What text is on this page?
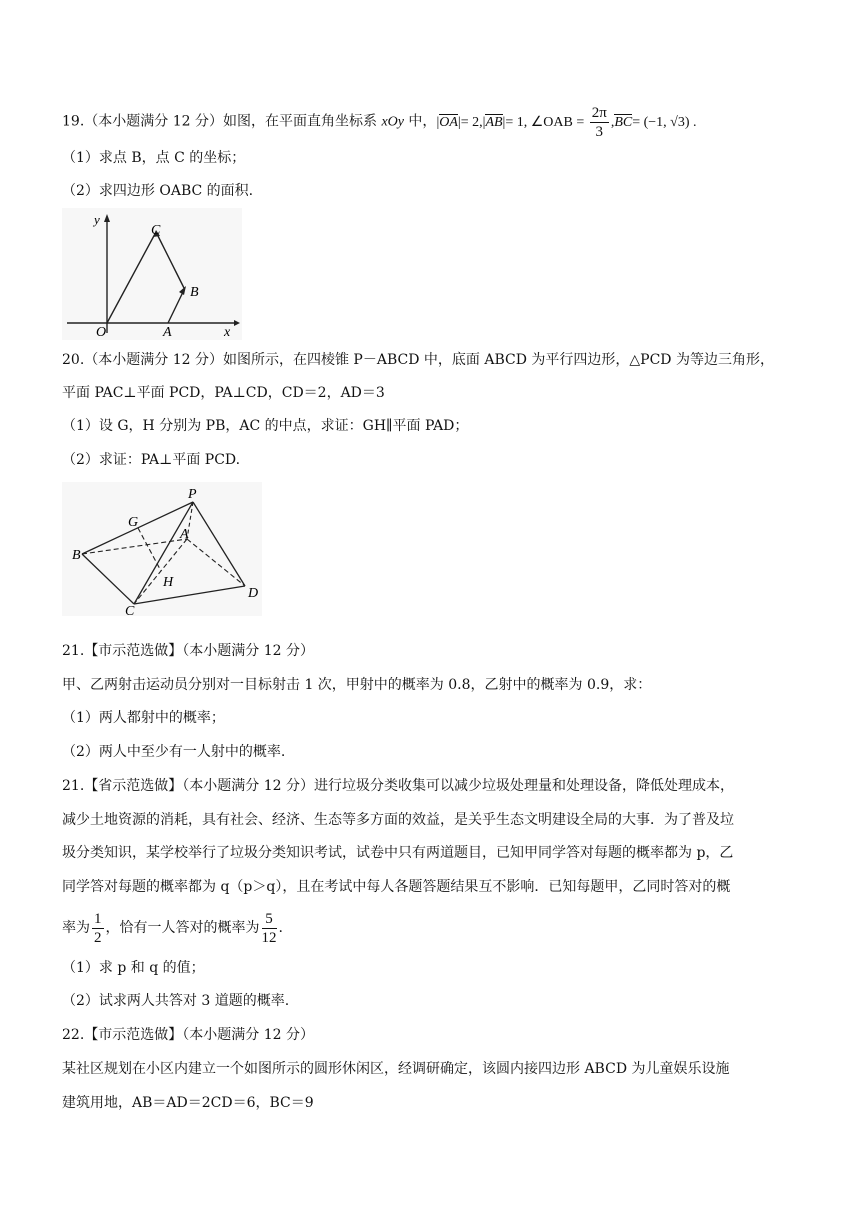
19.（本小题满分 12 分）如图，在平面直角坐标系 xOy 中，|OA|= 2,|AB|= 1, ∠OAB = $\frac{2\pi}{3} ,BC= (-1$, √3) .
（1）求点 B，点 C 的坐标；
（2）求四边形 OABC 的面积.
y
C
B
O	A	x
20.（本小题满分 12 分）如图所示，在四棱锥 P－ABCD 中，底面 ABCD 为平行四边形，△PCD 为等边三角形，
平面 PAC⊥平面 PCD，PA⊥CD，CD＝2，AD＝3
（1）设 G，H 分别为 PB，AC 的中点，求证：GH∥平面 PAD；
（2）求证：PA⊥平面 PCD.
P
G
A
B
H
C
D
21.【市示范选做】（本小题满分 12 分）
甲、乙两射击运动员分别对一目标射击 1 次，甲射中的概率为 0.8，乙射中的概率为 0.9，求：
（1）两人都射中的概率；
（2）两人中至少有一人射中的概率.
21.【省示范选做】（本小题满分 12 分）进行垃圾分类收集可以减少垃圾处理量和处理设备，降低处理成本，
减少土地资源的消耗，具有社会、经济、生态等多方面的效益，是关乎生态文明建设全局的大事．为了普及垃
圾分类知识，某学校举行了垃圾分类知识考试，试卷中只有两道题目，已知甲同学答对每题的概率都为 p，乙
同学答对每题的概率都为 q（p＞q），且在考试中每人各题答题结果互不影响．已知每题甲，乙同时答对的概
率为 $\frac{1}{2}$ ，恰有一人答对的概率为 $\frac{5}{12}$ .
（1）求 p 和 q 的值；
（2）试求两人共答对 3 道题的概率.
22.【市示范选做】（本小题满分 12 分）
某社区规划在小区内建立一个如图所示的圆形休闲区，经调研确定，该圆内接四边形 ABCD 为儿童娱乐设施
建筑用地，AB＝AD＝2CD＝6，BC＝9
